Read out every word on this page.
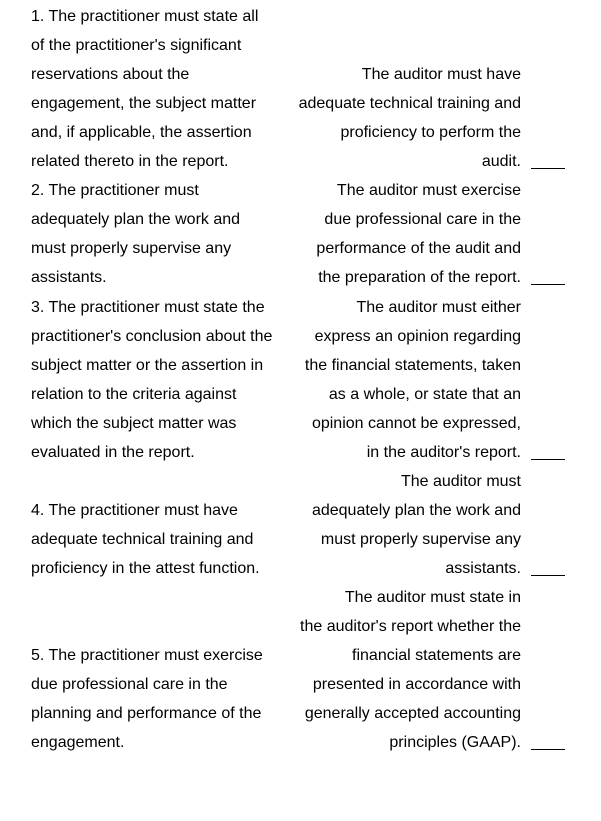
1. The practitioner must state all
of the practitioner's significant
reservations about the
engagement, the subject matter
and, if applicable, the assertion
related thereto in the report.
2. The practitioner must
adequately plan the work and
must properly supervise any
assistants.
3. The practitioner must state the
practitioner's conclusion about the
subject matter or the assertion in
relation to the criteria against
which the subject matter was
evaluated in the report.
4. The practitioner must have
adequate technical training and
proficiency in the attest function.
5. The practitioner must exercise
due professional care in the
planning and performance of the
engagement.
The auditor must have
adequate technical training and
proficiency to perform the
audit.
The auditor must exercise
due professional care in the
performance of the audit and
the preparation of the report.
The auditor must either
express an opinion regarding
the financial statements, taken
as a whole, or state that an
opinion cannot be expressed,
in the auditor's report.
The auditor must
adequately plan the work and
must properly supervise any
assistants.
The auditor must state in
the auditor's report whether the
financial statements are
presented in accordance with
generally accepted accounting
principles (GAAP).
